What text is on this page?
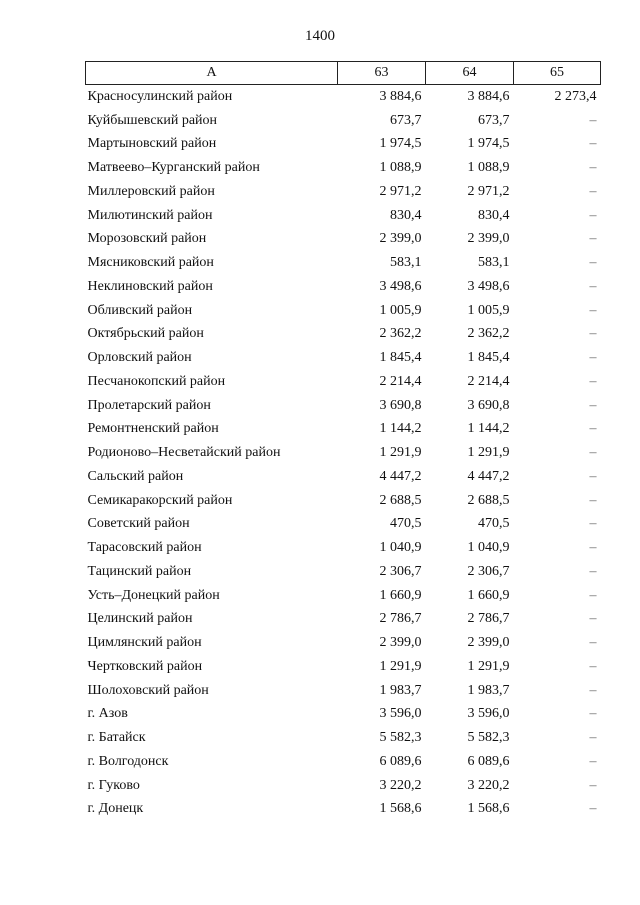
1400
A	63	64	65
Красносулинский район	3 884,6	3 884,6	2 273,4
Куйбышевский район	673,7	673,7	–
Мартыновский район	1 974,5	1 974,5	–
Матвеево–Курганский район	1 088,9	1 088,9	–
Миллеровский район	2 971,2	2 971,2	–
Милютинский район	830,4	830,4	–
Морозовский район	2 399,0	2 399,0	–
Мясниковский район	583,1	583,1	–
Неклиновский район	3 498,6	3 498,6	–
Обливский район	1 005,9	1 005,9	–
Октябрьский район	2 362,2	2 362,2	–
Орловский район	1 845,4	1 845,4	–
Песчанокопский район	2 214,4	2 214,4	–
Пролетарский район	3 690,8	3 690,8	–
Ремонтненский район	1 144,2	1 144,2	–
Родионово–Несветайский район	1 291,9	1 291,9	–
Сальский район	4 447,2	4 447,2	–
Семикаракорский район	2 688,5	2 688,5	–
Советский район	470,5	470,5	–
Тарасовский район	1 040,9	1 040,9	–
Тацинский район	2 306,7	2 306,7	–
Усть–Донецкий район	1 660,9	1 660,9	–
Целинский район	2 786,7	2 786,7	–
Цимлянский район	2 399,0	2 399,0	–
Чертковский район	1 291,9	1 291,9	–
Шолоховский район	1 983,7	1 983,7	–
г. Азов	3 596,0	3 596,0	–
г. Батайск	5 582,3	5 582,3	–
г. Волгодонск	6 089,6	6 089,6	–
г. Гуково	3 220,2	3 220,2	–
г. Донецк	1 568,6	1 568,6	–
